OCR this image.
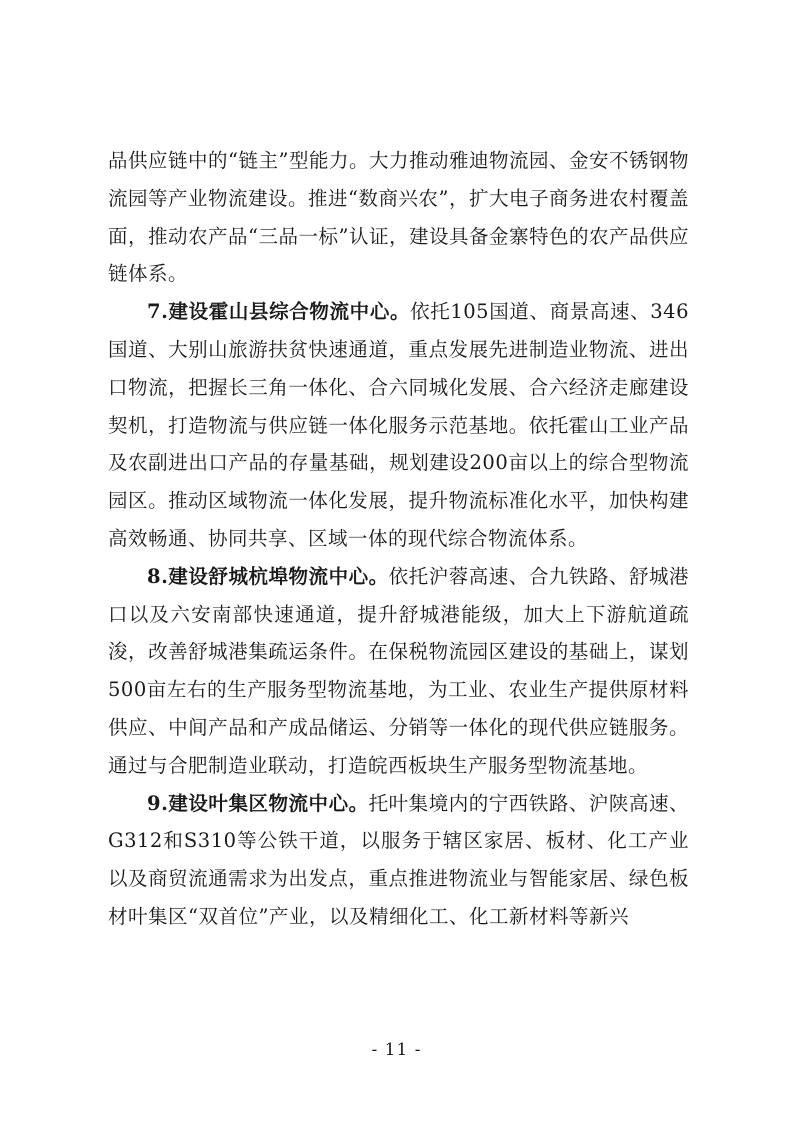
品供应链中的“链主”型能力。大力推动雅迪物流园、金安不锈钢物流园等产业物流建设。推进“数商兴农”，扩大电子商务进农村覆盖面，推动农产品“三品一标”认证，建设具备金寨特色的农产品供应链体系。

7.建设霍山县综合物流中心。依托105国道、商景高速、346国道、大别山旅游扶贫快速通道，重点发展先进制造业物流、进出口物流，把握长三角一体化、合六同城化发展、合六经济走廊建设契机，打造物流与供应链一体化服务示范基地。依托霍山工业产品及农副进出口产品的存量基础，规划建设200亩以上的综合型物流园区。推动区域物流一体化发展，提升物流标准化水平，加快构建高效畅通、协同共享、区域一体的现代综合物流体系。

8.建设舒城杭埠物流中心。依托沪蓉高速、合九铁路、舒城港口以及六安南部快速通道，提升舒城港能级，加大上下游航道疏浚，改善舒城港集疏运条件。在保税物流园区建设的基础上，谋划500亩左右的生产服务型物流基地，为工业、农业生产提供原材料供应、中间产品和产成品储运、分销等一体化的现代供应链服务。通过与合肥制造业联动，打造皖西板块生产服务型物流基地。

9.建设叶集区物流中心。托叶集境内的宁西铁路、沪陕高速、G312和S310等公铁干道，以服务于辖区家居、板材、化工产业以及商贸流通需求为出发点，重点推进物流业与智能家居、绿色板材叶集区“双首位”产业，以及精细化工、化工新材料等新兴

- 11 -
